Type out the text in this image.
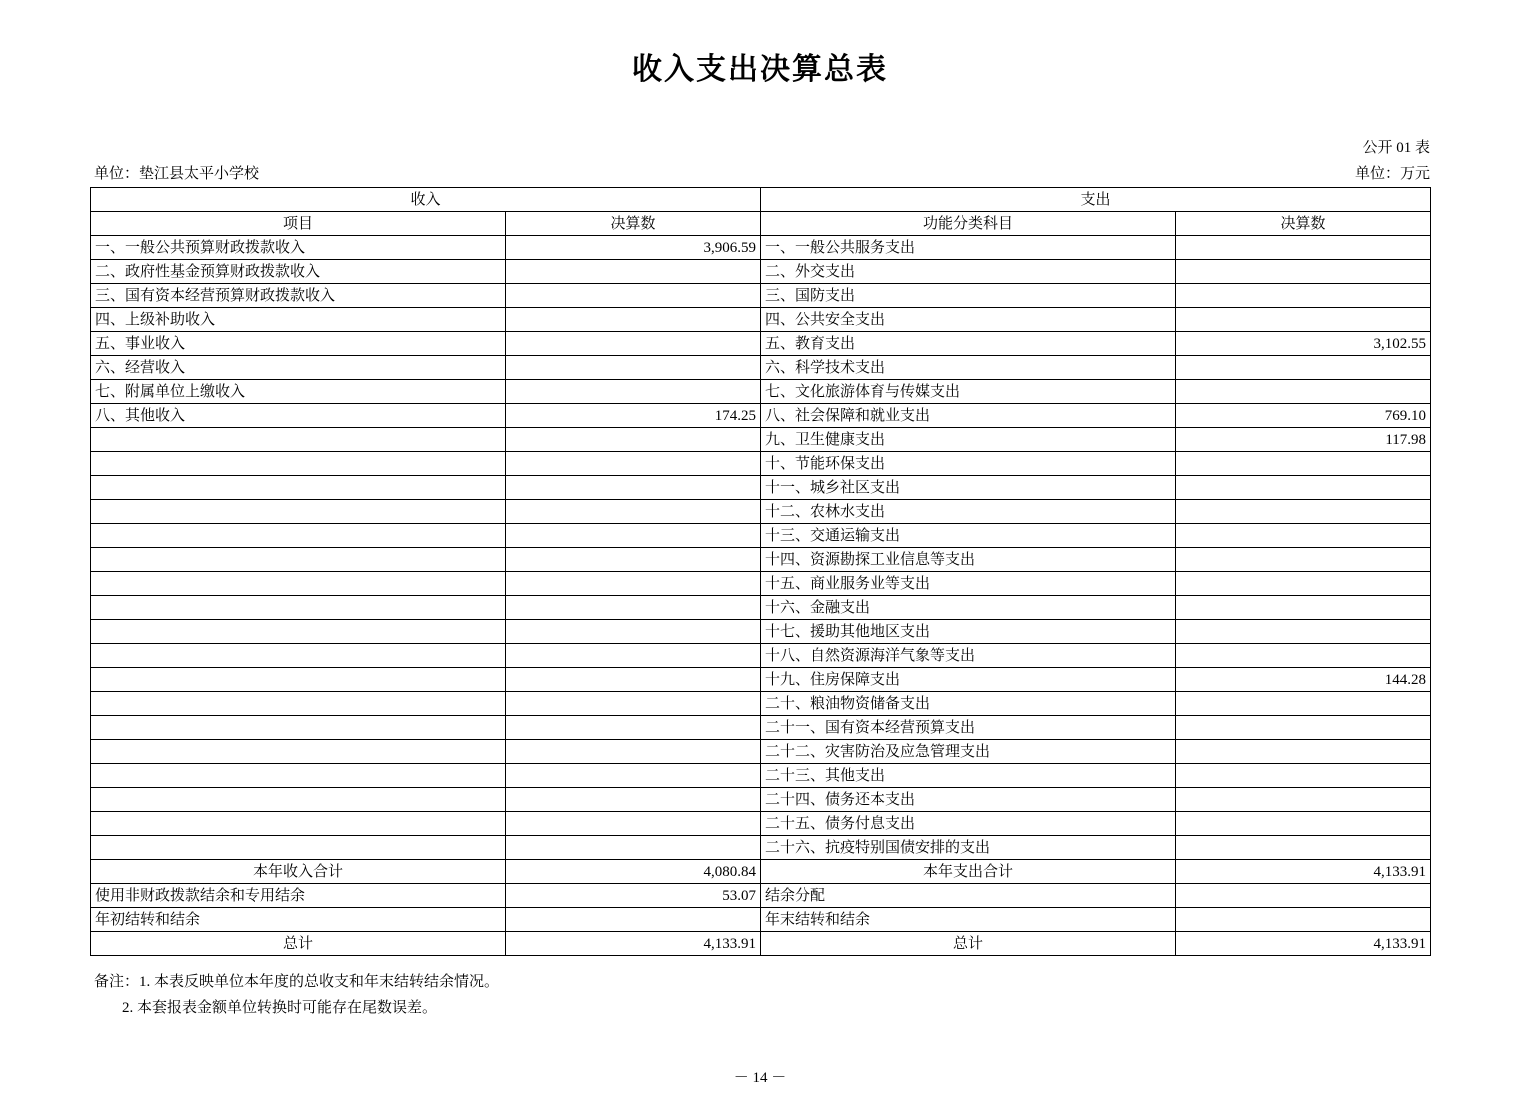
收入支出决算总表
公开 01 表
单位：垫江县太平小学校	单位：万元
收入		支出	
项目	决算数	功能分类科目	决算数
一、一般公共预算财政拨款收入	3,906.59	一、一般公共服务支出	
二、政府性基金预算财政拨款收入		二、外交支出	
三、国有资本经营预算财政拨款收入		三、国防支出	
四、上级补助收入		四、公共安全支出	
五、事业收入		五、教育支出	3,102.55
六、经营收入		六、科学技术支出	
七、附属单位上缴收入		七、文化旅游体育与传媒支出	
八、其他收入	174.25	八、社会保障和就业支出	769.10
		九、卫生健康支出	117.98
		十、节能环保支出	
		十一、城乡社区支出	
		十二、农林水支出	
		十三、交通运输支出	
		十四、资源勘探工业信息等支出	
		十五、商业服务业等支出	
		十六、金融支出	
		十七、援助其他地区支出	
		十八、自然资源海洋气象等支出	
		十九、住房保障支出	144.28
		二十、粮油物资储备支出	
		二十一、国有资本经营预算支出	
		二十二、灾害防治及应急管理支出	
		二十三、其他支出	
		二十四、债务还本支出	
		二十五、债务付息支出	
		二十六、抗疫特别国债安排的支出	
本年收入合计	4,080.84	本年支出合计	4,133.91
使用非财政拨款结余和专用结余	53.07	结余分配	
年初结转和结余		年末结转和结余	
总计	4,133.91	总计	4,133.91
备注：1. 本表反映单位本年度的总收支和年末结转结余情况。
2. 本套报表金额单位转换时可能存在尾数误差。
－ 14 －
